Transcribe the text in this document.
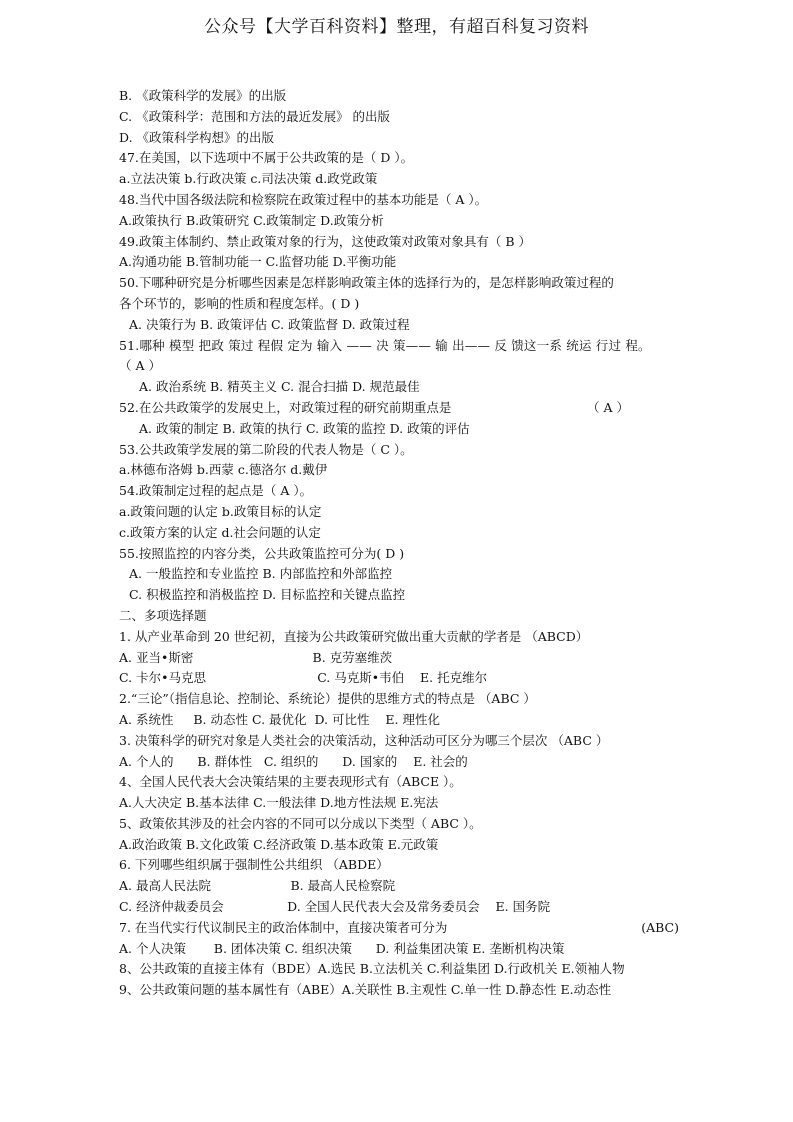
公众号【大学百科资料】整理，有超百科复习资料
B. 《政策科学的发展》的出版
C. 《政策科学：范围和方法的最近发展》 的出版
D. 《政策科学构想》的出版
47.在美国，以下选项中不属于公共政策的是（ D ）。
a.立法决策 b.行政决策 c.司法决策 d.政党政策
48.当代中国各级法院和检察院在政策过程中的基本功能是（ A ）。
A.政策执行 B.政策研究 C.政策制定 D.政策分析
49.政策主体制约、禁止政策对象的行为，这使政策对政策对象具有（ B ）
A.沟通功能 B.管制功能一 C.监督功能 D.平衡功能
50.下哪种研究是分析哪些因素是怎样影响政策主体的选择行为的，是怎样影响政策过程的
各个环节的，影响的性质和程度怎样。( D )
A. 决策行为 B. 政策评估 C. 政策监督 D. 政策过程
51.哪种 模型 把政 策过 程假 定为 输入 —— 决 策—— 输 出—— 反 馈这一系 统运 行过 程。
（ A ）
A. 政治系统 B. 精英主义 C. 混合扫描 D. 规范最佳
52.在公共政策学的发展史上，对政策过程的研究前期重点是	（ A ）
A. 政策的制定 B. 政策的执行 C. 政策的监控 D. 政策的评估
53.公共政策学发展的第二阶段的代表人物是（ C ）。
a.林德布洛姆 b.西蒙 c.德洛尔 d.戴伊
54.政策制定过程的起点是（ A ）。
a.政策问题的认定 b.政策目标的认定
c.政策方案的认定 d.社会问题的认定
55.按照监控的内容分类，公共政策监控可分为( D )
A. 一般监控和专业监控 B. 内部监控和外部监控
C. 积极监控和消极监控 D. 目标监控和关键点监控
二、多项选择题
1. 从产业革命到 20 世纪初，直接为公共政策研究做出重大贡献的学者是 （ABCD）
A. 亚当•斯密                              B. 克劳塞维茨
C. 卡尔•马克思                            C. 马克斯•韦伯    E. 托克维尔
2.“三论”（指信息论、控制论、系统论）提供的思维方式的特点是 （ABC ）
A. 系统性     B. 动态性 C. 最优化  D. 可比性    E. 理性化
3. 决策科学的研究对象是人类社会的决策活动，这种活动可区分为哪三个层次 （ABC ）
A. 个人的      B. 群体性   C. 组织的      D. 国家的    E. 社会的
4、全国人民代表大会决策结果的主要表现形式有（ABCE ）。
A.人大决定 B.基本法律 C.一般法律 D.地方性法规 E.宪法
5、政策依其涉及的社会内容的不同可以分成以下类型（ ABC ）。
A.政治政策 B.文化政策 C.经济政策 D.基本政策 E.元政策
6. 下列哪些组织属于强制性公共组织 （ABDE）
A. 最高人民法院                    B. 最高人民检察院
C. 经济仲裁委员会                D. 全国人民代表大会及常务委员会    E. 国务院
7. 在当代实行代议制民主的政治体制中，直接决策者可分为	(ABC)
A. 个人决策       B. 团体决策 C. 组织决策      D. 利益集团决策 E. 垄断机构决策
8、公共政策的直接主体有（BDE）A.选民 B.立法机关 C.利益集团 D.行政机关 E.领袖人物
9、公共政策问题的基本属性有（ABE）A.关联性 B.主观性 C.单一性 D.静态性 E.动态性
